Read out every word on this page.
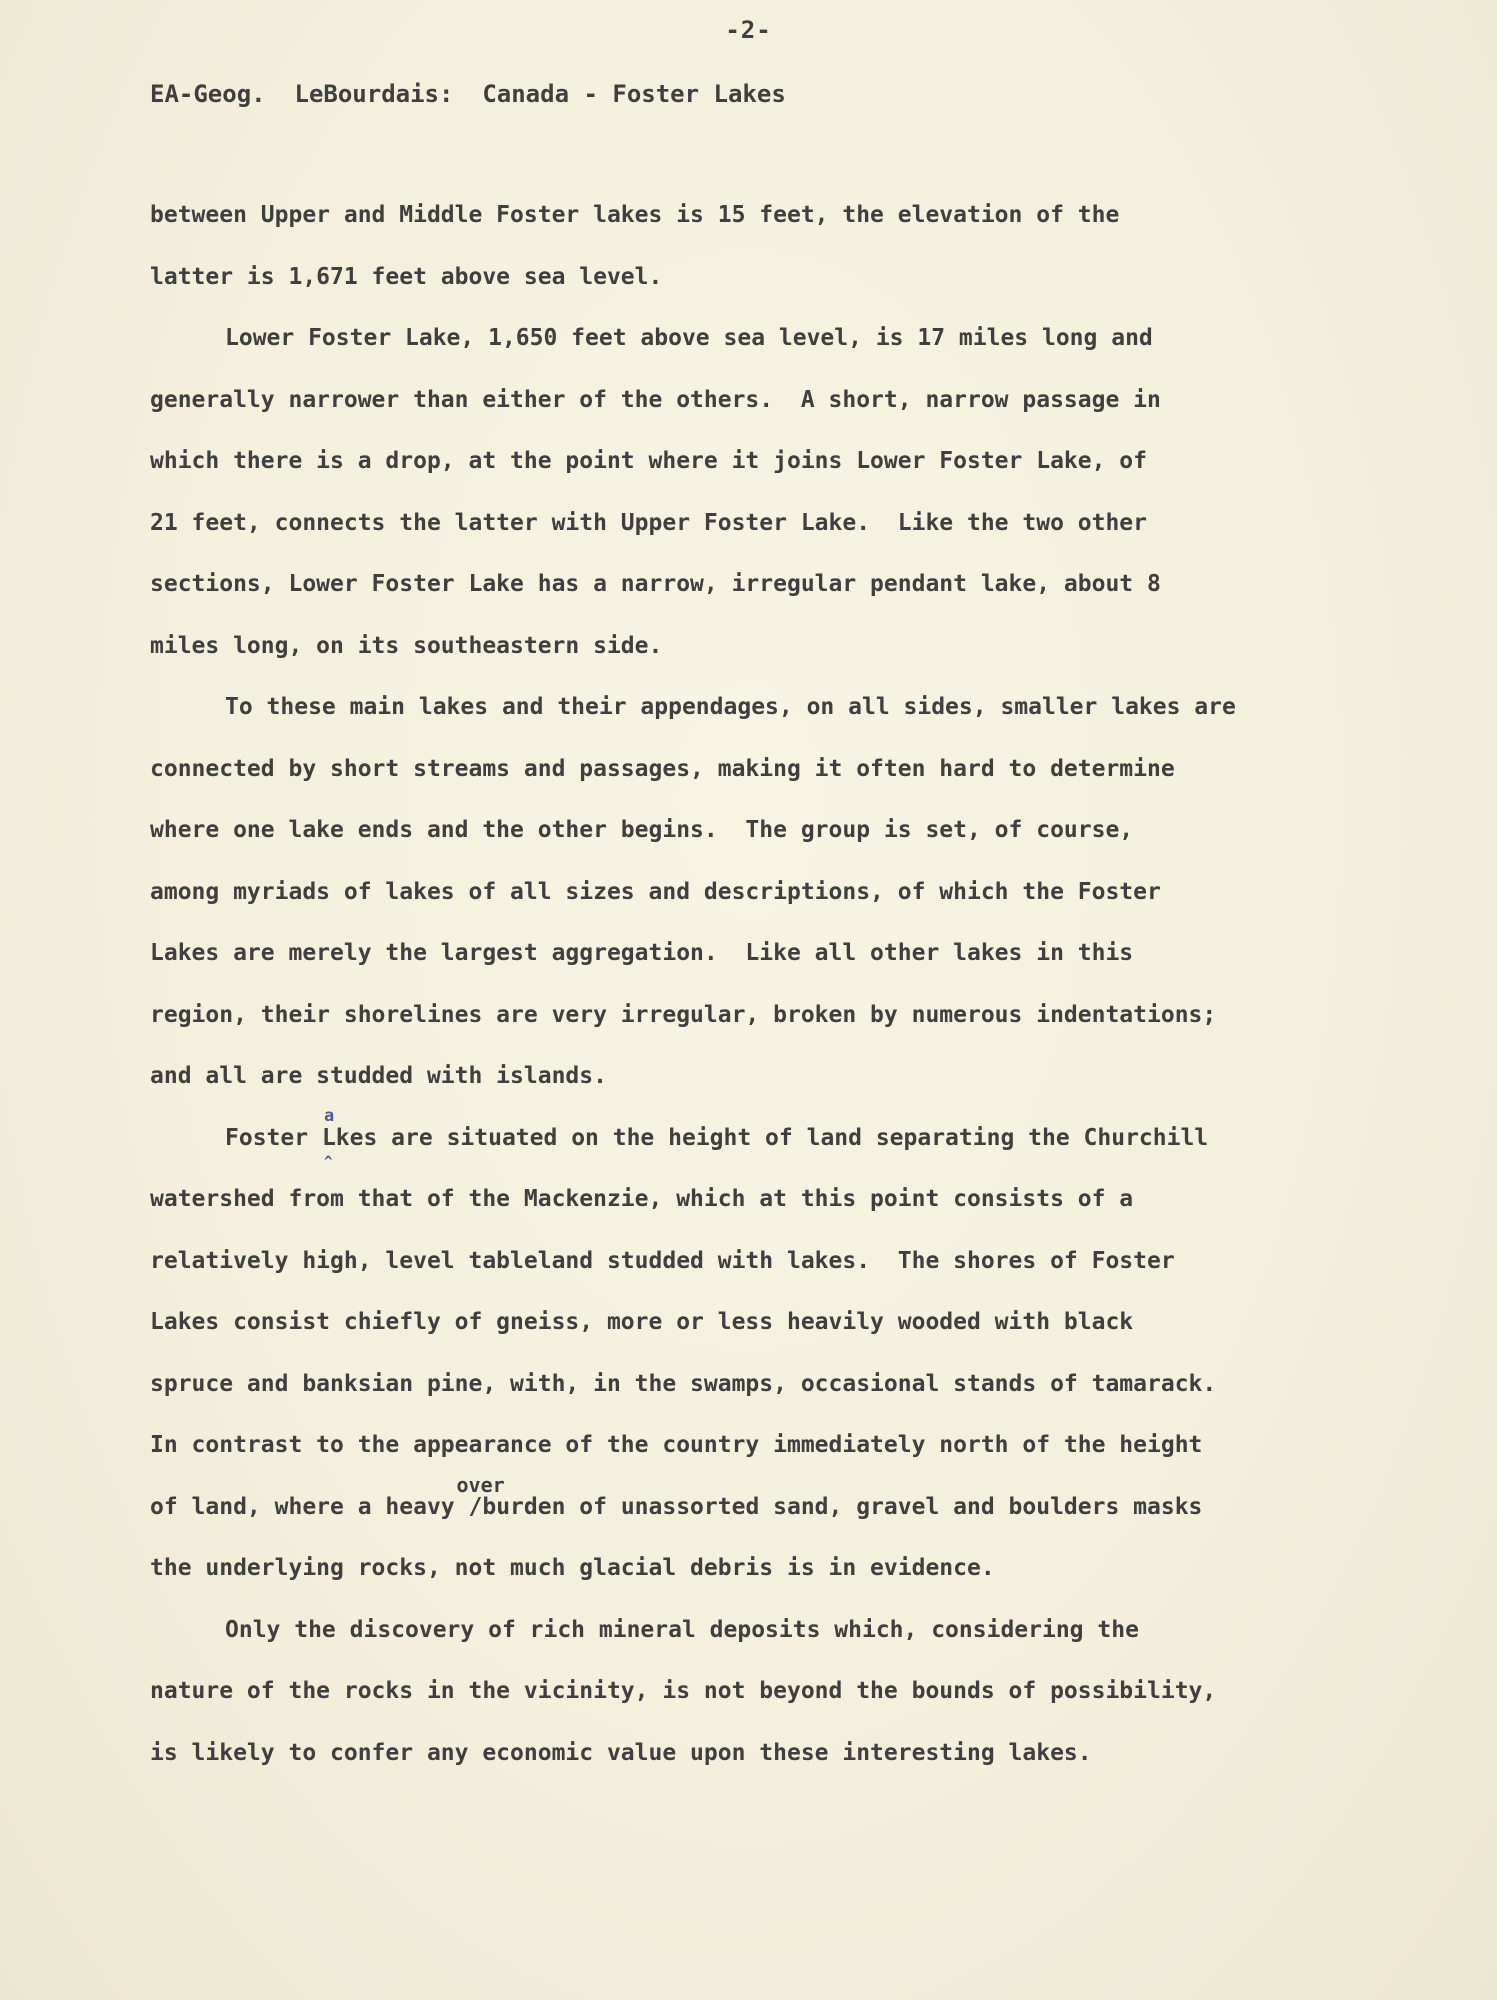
-2-
EA-Geog.  LeBourdais:  Canada - Foster Lakes
between Upper and Middle Foster lakes is 15 feet, the elevation of the
latter is 1,671 feet above sea level.
Lower Foster Lake, 1,650 feet above sea level, is 17 miles long and
generally narrower than either of the others.  A short, narrow passage in
which there is a drop, at the point where it joins Lower Foster Lake, of
21 feet, connects the latter with Upper Foster Lake.  Like the two other
sections, Lower Foster Lake has a narrow, irregular pendant lake, about 8
miles long, on its southeastern side.
To these main lakes and their appendages, on all sides, smaller lakes are
connected by short streams and passages, making it often hard to determine
where one lake ends and the other begins.  The group is set, of course,
among myriads of lakes of all sizes and descriptions, of which the Foster
Lakes are merely the largest aggregation.  Like all other lakes in this
region, their shorelines are very irregular, broken by numerous indentations;
and all are studded with islands.
Foster
a
^
Lkes are situated on the height of land separating the Churchill
watershed from that of the Mackenzie, which at this point consists of a
relatively high, level tableland studded with lakes.  The shores of Foster
Lakes consist chiefly of gneiss, more or less heavily wooded with black
spruce and banksian pine, with, in the swamps, occasional stands of tamarack.
In contrast to the appearance of the country immediately north of the height
of land, where a heavy
over
/burden of unassorted sand, gravel and boulders masks
the underlying rocks, not much glacial debris is in evidence.
Only the discovery of rich mineral deposits which, considering the
nature of the rocks in the vicinity, is not beyond the bounds of possibility,
is likely to confer any economic value upon these interesting lakes.
